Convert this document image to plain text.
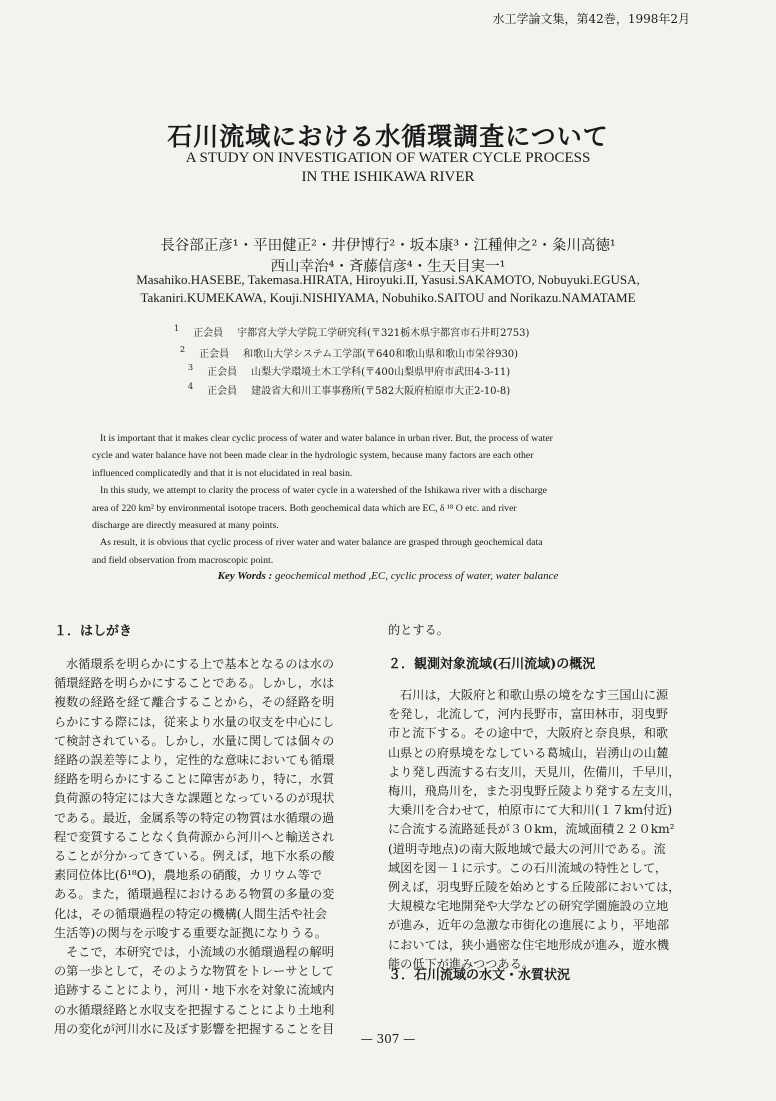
水工学論文集，第42巻，1998年2月
石川流域における水循環調査について
A STUDY ON INVESTIGATION OF WATER CYCLE PROCESS
IN THE ISHIKAWA RIVER
長谷部正彦¹・平田健正²・井伊博行²・坂本康³・江種伸之²・粂川高徳¹
西山幸治⁴・斉藤信彦⁴・生天目実一¹
Masahiko.HASEBE, Takemasa.HIRATA, Hiroyuki.II, Yasusi.SAKAMOTO, Nobuyuki.EGUSA,
Takaniri.KUMEKAWA, Kouji.NISHIYAMA, Nobuhiko.SAITOU and Norikazu.NAMATAME
$^1$ 正会員 宇都宮大学大学院工学研究科(〒321栃木県宇都宮市石井町2753)
$^2$ 正会員 和歌山大学システム工学部(〒640和歌山県和歌山市栄谷930)
$^3$ 正会員 山梨大学環境土木工学科(〒400山梨県甲府市武田4-3-11)
$^4$ 正会員 建設省大和川工事事務所(〒582大阪府柏原市大正2-10-8)
It is important that it makes clear cyclic process of water and water balance in urban river. But, the process of water
cycle and water balance have not been made clear in the hydrologic system, because many factors are each other
influenced complicatedly and that it is not elucidated in real basin.
In this study, we attempt to clarity the process of water cycle in a watershed of the Ishikawa river with a discharge
area of 220 km² by environmental isotope tracers. Both geochemical data which are EC, δ ¹⁸ O etc. and river
discharge are directly measured at many points.
As result, it is obvious that cyclic process of river water and water balance are grasped through geochemical data
and field observation from macroscopic point.
Key Words : geochemical method ,EC, cyclic process of water, water balance
１．はしがき
水循環系を明らかにする上で基本となるのは水の
循環経路を明らかにすることである。しかし，水は
複数の経路を経て離合することから，その経路を明
らかにする際には，従来より水量の収支を中心にし
て検討されている。しかし，水量に関しては個々の
経路の誤差等により，定性的な意味においても循環
経路を明らかにすることに障害があり，特に，水質
負荷源の特定には大きな課題となっているのが現状
である。最近，金属系等の特定の物質は水循環の過
程で変質することなく負荷源から河川へと輸送され
ることが分かってきている。例えば，地下水系の酸
素同位体比(δ¹⁸O)，農地系の硝酸，カリウム等で
ある。また，循環過程におけるある物質の多量の変
化は，その循環過程の特定の機構(人間生活や社会
生活等)の関与を示唆する重要な証拠になりうる。
そこで，本研究では，小流域の水循環過程の解明
の第一歩として，そのような物質をトレーサとして
追跡することにより，河川・地下水を対象に流域内
の水循環経路と水収支を把握することにより土地利
用の変化が河川水に及ぼす影響を把握することを目
的とする。
２．観測対象流域(石川流域)の概況
石川は，大阪府と和歌山県の境をなす三国山に源
を発し，北流して，河内長野市，富田林市，羽曳野
市と流下する。その途中で，大阪府と奈良県，和歌
山県との府県境をなしている葛城山，岩湧山の山麓
より発し西流する右支川，天見川，佐備川，千早川，
梅川，飛鳥川を，また羽曳野丘陵より発する左支川，
大乗川を合わせて，柏原市にて大和川(１７km付近)
に合流する流路延長が３０km，流域面積２２０km²
(道明寺地点)の南大阪地域で最大の河川である。流
域図を図－１に示す。この石川流域の特性として，
例えば，羽曳野丘陵を始めとする丘陵部においては，
大規模な宅地開発や大学などの研究学園施設の立地
が進み，近年の急激な市街化の進展により，平地部
においては，狭小過密な住宅地形成が進み，遊水機
能の低下が進みつつある。
３．石川流域の水文・水質状況
— 307 —
